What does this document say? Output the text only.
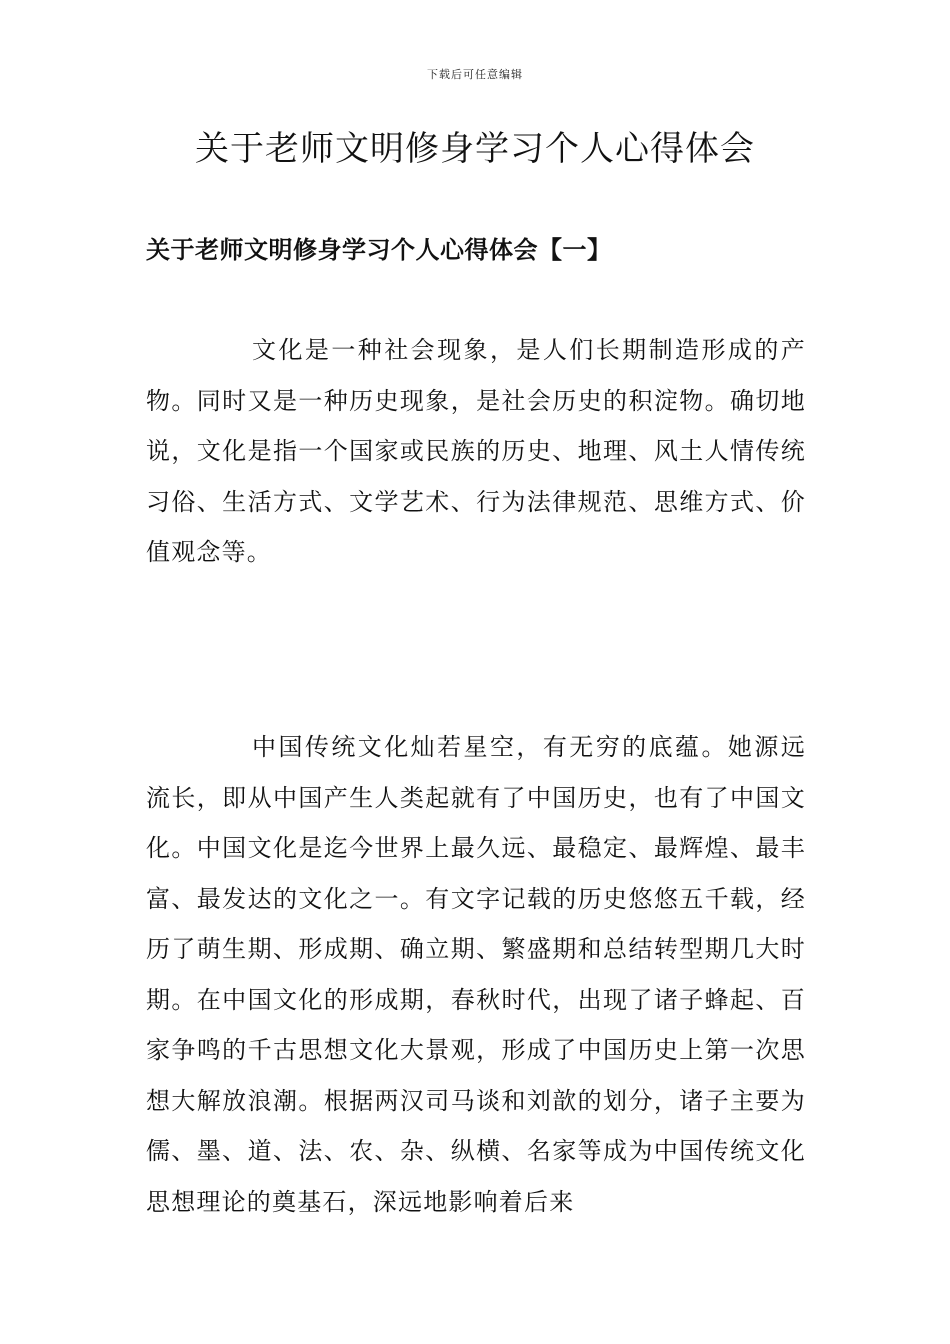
下载后可任意编辑
关于老师文明修身学习个人心得体会
关于老师文明修身学习个人心得体会【一】

文化是一种社会现象，是人们长期制造形成的产物。同时又是一种历史现象，是社会历史的积淀物。确切地说，文化是指一个国家或民族的历史、地理、风土人情传统习俗、生活方式、文学艺术、行为法律规范、思维方式、价值观念等。

中国传统文化灿若星空，有无穷的底蕴。她源远流长，即从中国产生人类起就有了中国历史，也有了中国文化。中国文化是迄今世界上最久远、最稳定、最辉煌、最丰富、最发达的文化之一。有文字记载的历史悠悠五千载，经历了萌生期、形成期、确立期、繁盛期和总结转型期几大时期。在中国文化的形成期，春秋时代，出现了诸子蜂起、百家争鸣的千古思想文化大景观，形成了中国历史上第一次思想大解放浪潮。根据两汉司马谈和刘歆的划分，诸子主要为儒、墨、道、法、农、杂、纵横、名家等成为中国传统文化思想理论的奠基石，深远地影响着后来
